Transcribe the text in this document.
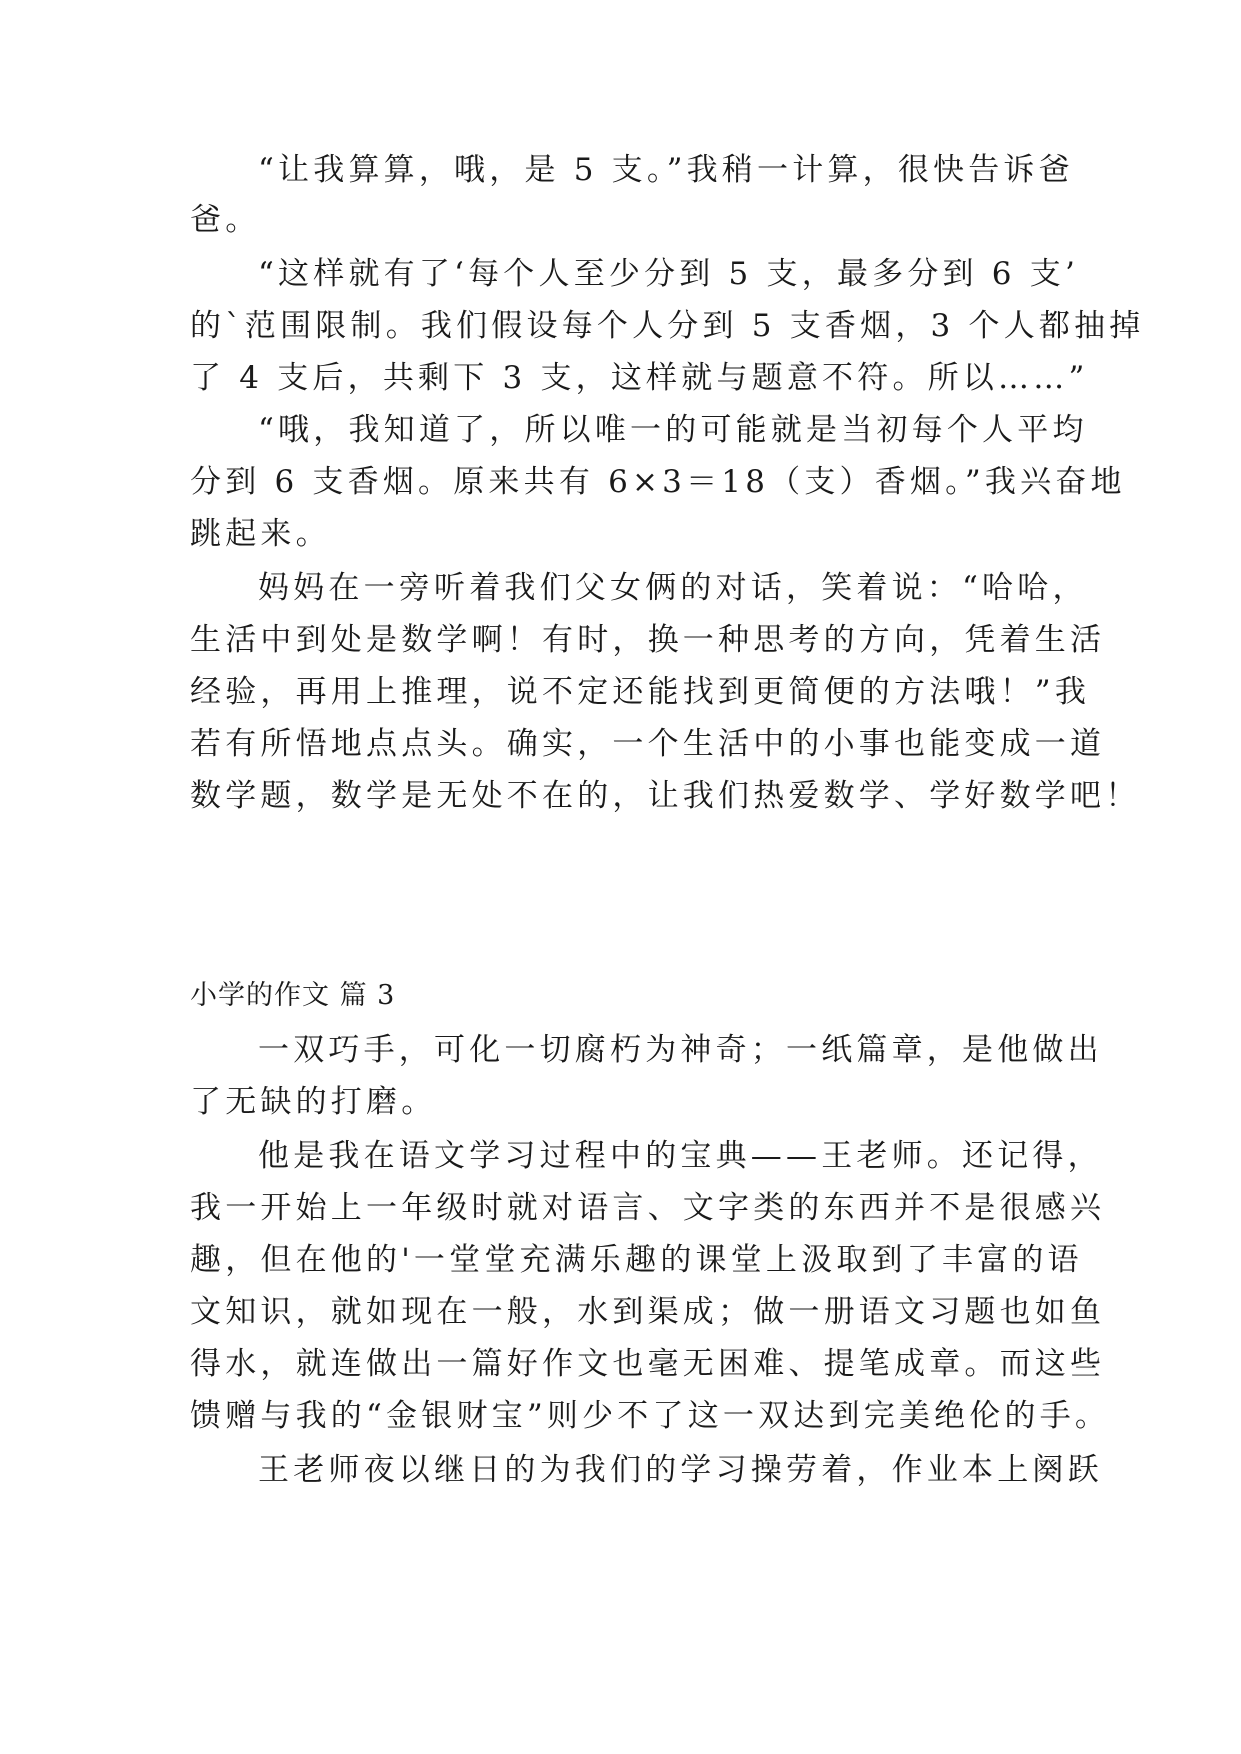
“让我算算，哦，是 5 支。”我稍一计算，很快告诉爸
爸。
“这样就有了‘每个人至少分到 5 支，最多分到 6 支’
的`范围限制。我们假设每个人分到 5 支香烟，3 个人都抽掉
了 4 支后，共剩下 3 支，这样就与题意不符。所以……”
“哦，我知道了，所以唯一的可能就是当初每个人平均
分到 6 支香烟。原来共有 6×3＝18（支）香烟。”我兴奋地
跳起来。
妈妈在一旁听着我们父女俩的对话，笑着说：“哈哈，
生活中到处是数学啊！有时，换一种思考的方向，凭着生活
经验，再用上推理，说不定还能找到更简便的方法哦！”我
若有所悟地点点头。确实，一个生活中的小事也能变成一道
数学题，数学是无处不在的，让我们热爱数学、学好数学吧！
小学的作文 篇 3
一双巧手，可化一切腐朽为神奇；一纸篇章，是他做出
了无缺的打磨。
他是我在语文学习过程中的宝典——王老师。还记得，
我一开始上一年级时就对语言、文字类的东西并不是很感兴
趣，但在他的'一堂堂充满乐趣的课堂上汲取到了丰富的语
文知识，就如现在一般，水到渠成；做一册语文习题也如鱼
得水，就连做出一篇好作文也毫无困难、提笔成章。而这些
馈赠与我的“金银财宝”则少不了这一双达到完美绝伦的手。
王老师夜以继日的为我们的学习操劳着，作业本上阕跃
